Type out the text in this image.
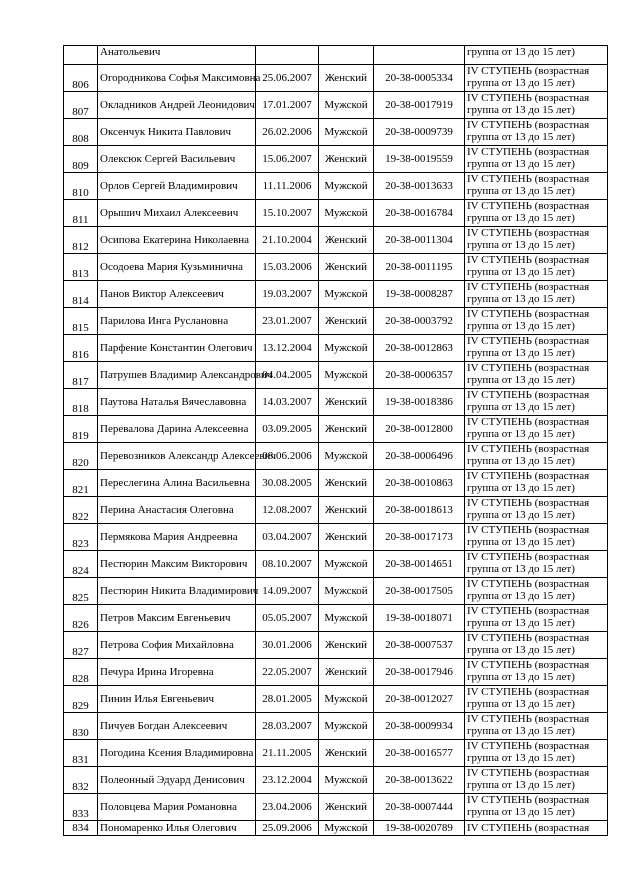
	Анатольевич				группа от 13 до 15 лет)

806	Огородникова Софья Максимовна	25.06.2007	Женский	20-38-0005334	IV СТУПЕНЬ (возрастная
группа от 13 до 15 лет)

807	Окладников Андрей Леонидович	17.01.2007	Мужской	20-38-0017919	IV СТУПЕНЬ (возрастная
группа от 13 до 15 лет)

808	Оксенчук Никита Павлович	26.02.2006	Мужской	20-38-0009739	IV СТУПЕНЬ (возрастная
группа от 13 до 15 лет)

809	Олексюк Сергей Васильевич	15.06.2007	Женский	19-38-0019559	IV СТУПЕНЬ (возрастная
группа от 13 до 15 лет)

810	Орлов Сергей Владимирович	11.11.2006	Мужской	20-38-0013633	IV СТУПЕНЬ (возрастная
группа от 13 до 15 лет)

811	Орышич Михаил Алексеевич	15.10.2007	Мужской	20-38-0016784	IV СТУПЕНЬ (возрастная
группа от 13 до 15 лет)

812	Осипова Екатерина Николаевна	21.10.2004	Женский	20-38-0011304	IV СТУПЕНЬ (возрастная
группа от 13 до 15 лет)

813	Осодоева Мария Кузьминична	15.03.2006	Женский	20-38-0011195	IV СТУПЕНЬ (возрастная
группа от 13 до 15 лет)

814	Панов Виктор Алексеевич	19.03.2007	Мужской	19-38-0008287	IV СТУПЕНЬ (возрастная
группа от 13 до 15 лет)

815	Парилова Инга Руслановна	23.01.2007	Женский	20-38-0003792	IV СТУПЕНЬ (возрастная
группа от 13 до 15 лет)

816	Парфение Константин Олегович	13.12.2004	Мужской	20-38-0012863	IV СТУПЕНЬ (возрастная
группа от 13 до 15 лет)

817	Патрушев Владимир Александрович	04.04.2005	Мужской	20-38-0006357	IV СТУПЕНЬ (возрастная
группа от 13 до 15 лет)

818	Паутова Наталья Вячеславовна	14.03.2007	Женский	19-38-0018386	IV СТУПЕНЬ (возрастная
группа от 13 до 15 лет)

819	Перевалова Дарина Алексеевна	03.09.2005	Женский	20-38-0012800	IV СТУПЕНЬ (возрастная
группа от 13 до 15 лет)

820	Перевозников Александр Алексеевич	08.06.2006	Мужской	20-38-0006496	IV СТУПЕНЬ (возрастная
группа от 13 до 15 лет)

821	Переслегина Алина Васильевна	30.08.2005	Женский	20-38-0010863	IV СТУПЕНЬ (возрастная
группа от 13 до 15 лет)

822	Перина Анастасия Олеговна	12.08.2007	Женский	20-38-0018613	IV СТУПЕНЬ (возрастная
группа от 13 до 15 лет)

823	Пермякова Мария Андреевна	03.04.2007	Женский	20-38-0017173	IV СТУПЕНЬ (возрастная
группа от 13 до 15 лет)

824	Пестюрин Максим Викторович	08.10.2007	Мужской	20-38-0014651	IV СТУПЕНЬ (возрастная
группа от 13 до 15 лет)

825	Пестюрин Никита Владимирович	14.09.2007	Мужской	20-38-0017505	IV СТУПЕНЬ (возрастная
группа от 13 до 15 лет)

826	Петров Максим Евгеньевич	05.05.2007	Мужской	19-38-0018071	IV СТУПЕНЬ (возрастная
группа от 13 до 15 лет)

827	Петрова София Михайловна	30.01.2006	Женский	20-38-0007537	IV СТУПЕНЬ (возрастная
группа от 13 до 15 лет)

828	Печура Ирина Игоревна	22.05.2007	Женский	20-38-0017946	IV СТУПЕНЬ (возрастная
группа от 13 до 15 лет)

829	Пинин Илья Евгеньевич	28.01.2005	Мужской	20-38-0012027	IV СТУПЕНЬ (возрастная
группа от 13 до 15 лет)

830	Пичуев Богдан Алексеевич	28.03.2007	Мужской	20-38-0009934	IV СТУПЕНЬ (возрастная
группа от 13 до 15 лет)

831	Погодина Ксения Владимировна	21.11.2005	Женский	20-38-0016577	IV СТУПЕНЬ (возрастная
группа от 13 до 15 лет)

832	Полеонный Эдуард Денисович	23.12.2004	Мужской	20-38-0013622	IV СТУПЕНЬ (возрастная
группа от 13 до 15 лет)

833	Половцева Мария Романовна	23.04.2006	Женский	20-38-0007444	IV СТУПЕНЬ (возрастная
группа от 13 до 15 лет)

834	Пономаренко Илья Олегович	25.09.2006	Мужской	19-38-0020789	IV СТУПЕНЬ (возрастная
